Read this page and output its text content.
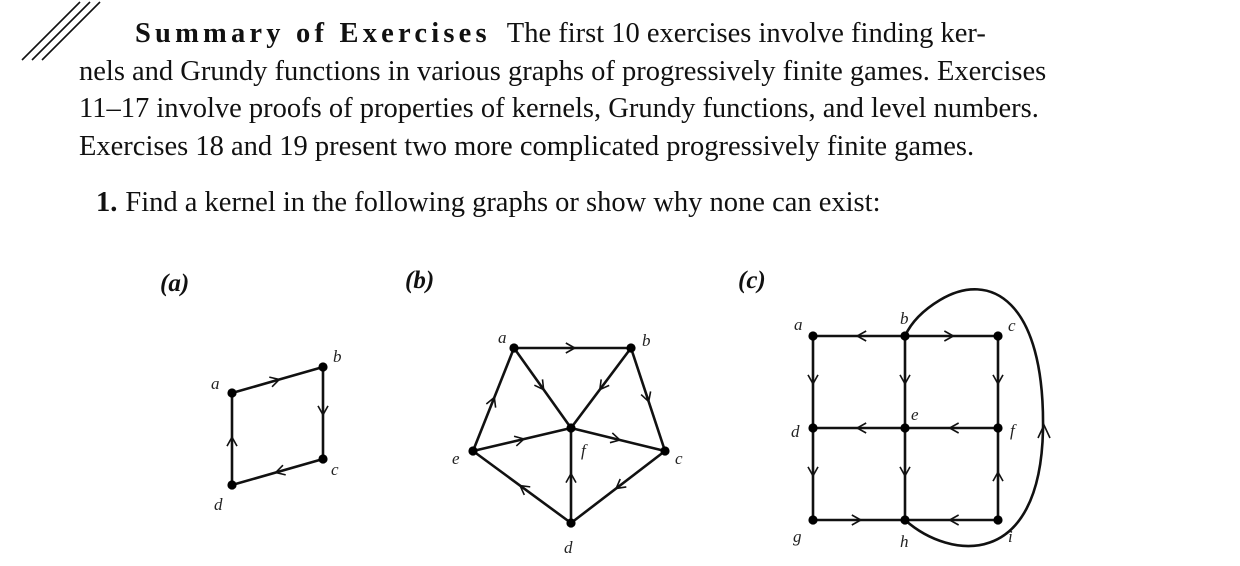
Summary of Exercises The first 10 exercises involve finding ker-
nels and Grundy functions in various graphs of progressively finite games. Exercises
11–17 involve proofs of properties of kernels, Grundy functions, and level numbers.
Exercises 18 and 19 present two more complicated progressively finite games.
1. Find a kernel in the following graphs or show why none can exist:
(a)
a
b
c
d
(b)
a	b
c
d
e	f
(c)
a	b	c
d
e
f
g	h	i
